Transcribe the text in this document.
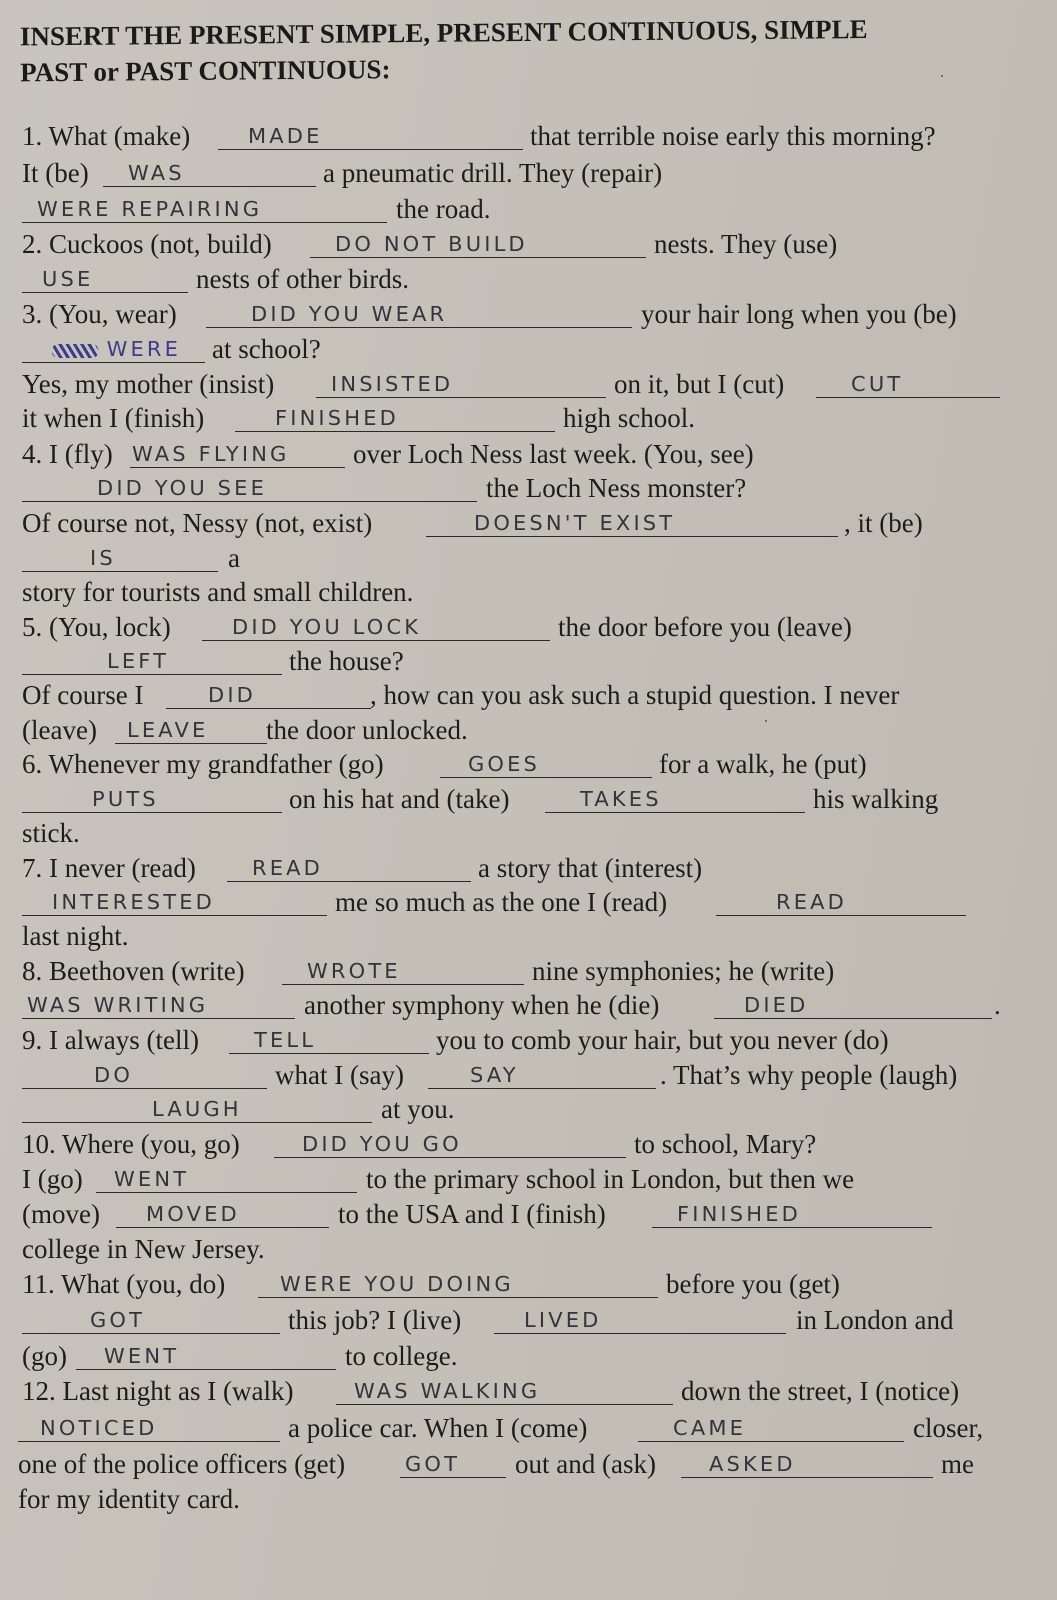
INSERT THE PRESENT SIMPLE, PRESENT CONTINUOUS, SIMPLE
PAST or PAST CONTINUOUS:
1. What (make)	MADE	that terrible noise early this morning?
It (be) WAS	a pneumatic drill. They (repair)
WERE REPAIRING	the road.
2. Cuckoos (not, build)	DO NOT BUILD	nests. They (use)
USE	nests of other birds.
3. (You, wear)	DID YOU WEAR	your hair long when you (be)
WERE at school?
Yes, my mother (insist)	INSISTED	on it, but I (cut)	CUT
it when I (finish)	FINISHED	high school.
4. I (fly) WAS FLYING over Loch Ness last week. (You, see)
DID YOU SEE	the Loch Ness monster?
Of course not, Nessy (not, exist)	DOESN'T EXIST	, it (be)
IS	a
story for tourists and small children.
5. (You, lock)	DID YOU LOCK	the door before you (leave)
LEFT	the house?
Of course I	DID	, how can you ask such a stupid question. I never
(leave) LEAVE the door unlocked.
6. Whenever my grandfather (go)	GOES	for a walk, he (put)
PUTS	on his hat and (take)	TAKES	his walking
stick.
7. I never (read)	READ	a story that (interest)
INTERESTED	me so much as the one I (read)	READ
last night.
8. Beethoven (write)	WROTE	nine symphonies; he (write)
WAS WRITING	another symphony when he (die)	DIED	.
9. I always (tell)	TELL	you to comb your hair, but you never (do)
DO	what I (say)	SAY	. That’s why people (laugh)
LAUGH	at you.
10. Where (you, go)	DID YOU GO	to school, Mary?
I (go) WENT	to the primary school in London, but then we
(move) MOVED	to the USA and I (finish)	FINISHED
college in New Jersey.
11. What (you, do)	WERE YOU DOING	before you (get)
GOT	this job? I (live)	LIVED	in London and
(go) WENT	to college.
12. Last night as I (walk)	WAS WALKING	down the street, I (notice)
NOTICED	a police car. When I (come)	CAME	closer,
one of the police officers (get)	GOT out and (ask)	ASKED	me
for my identity card.
